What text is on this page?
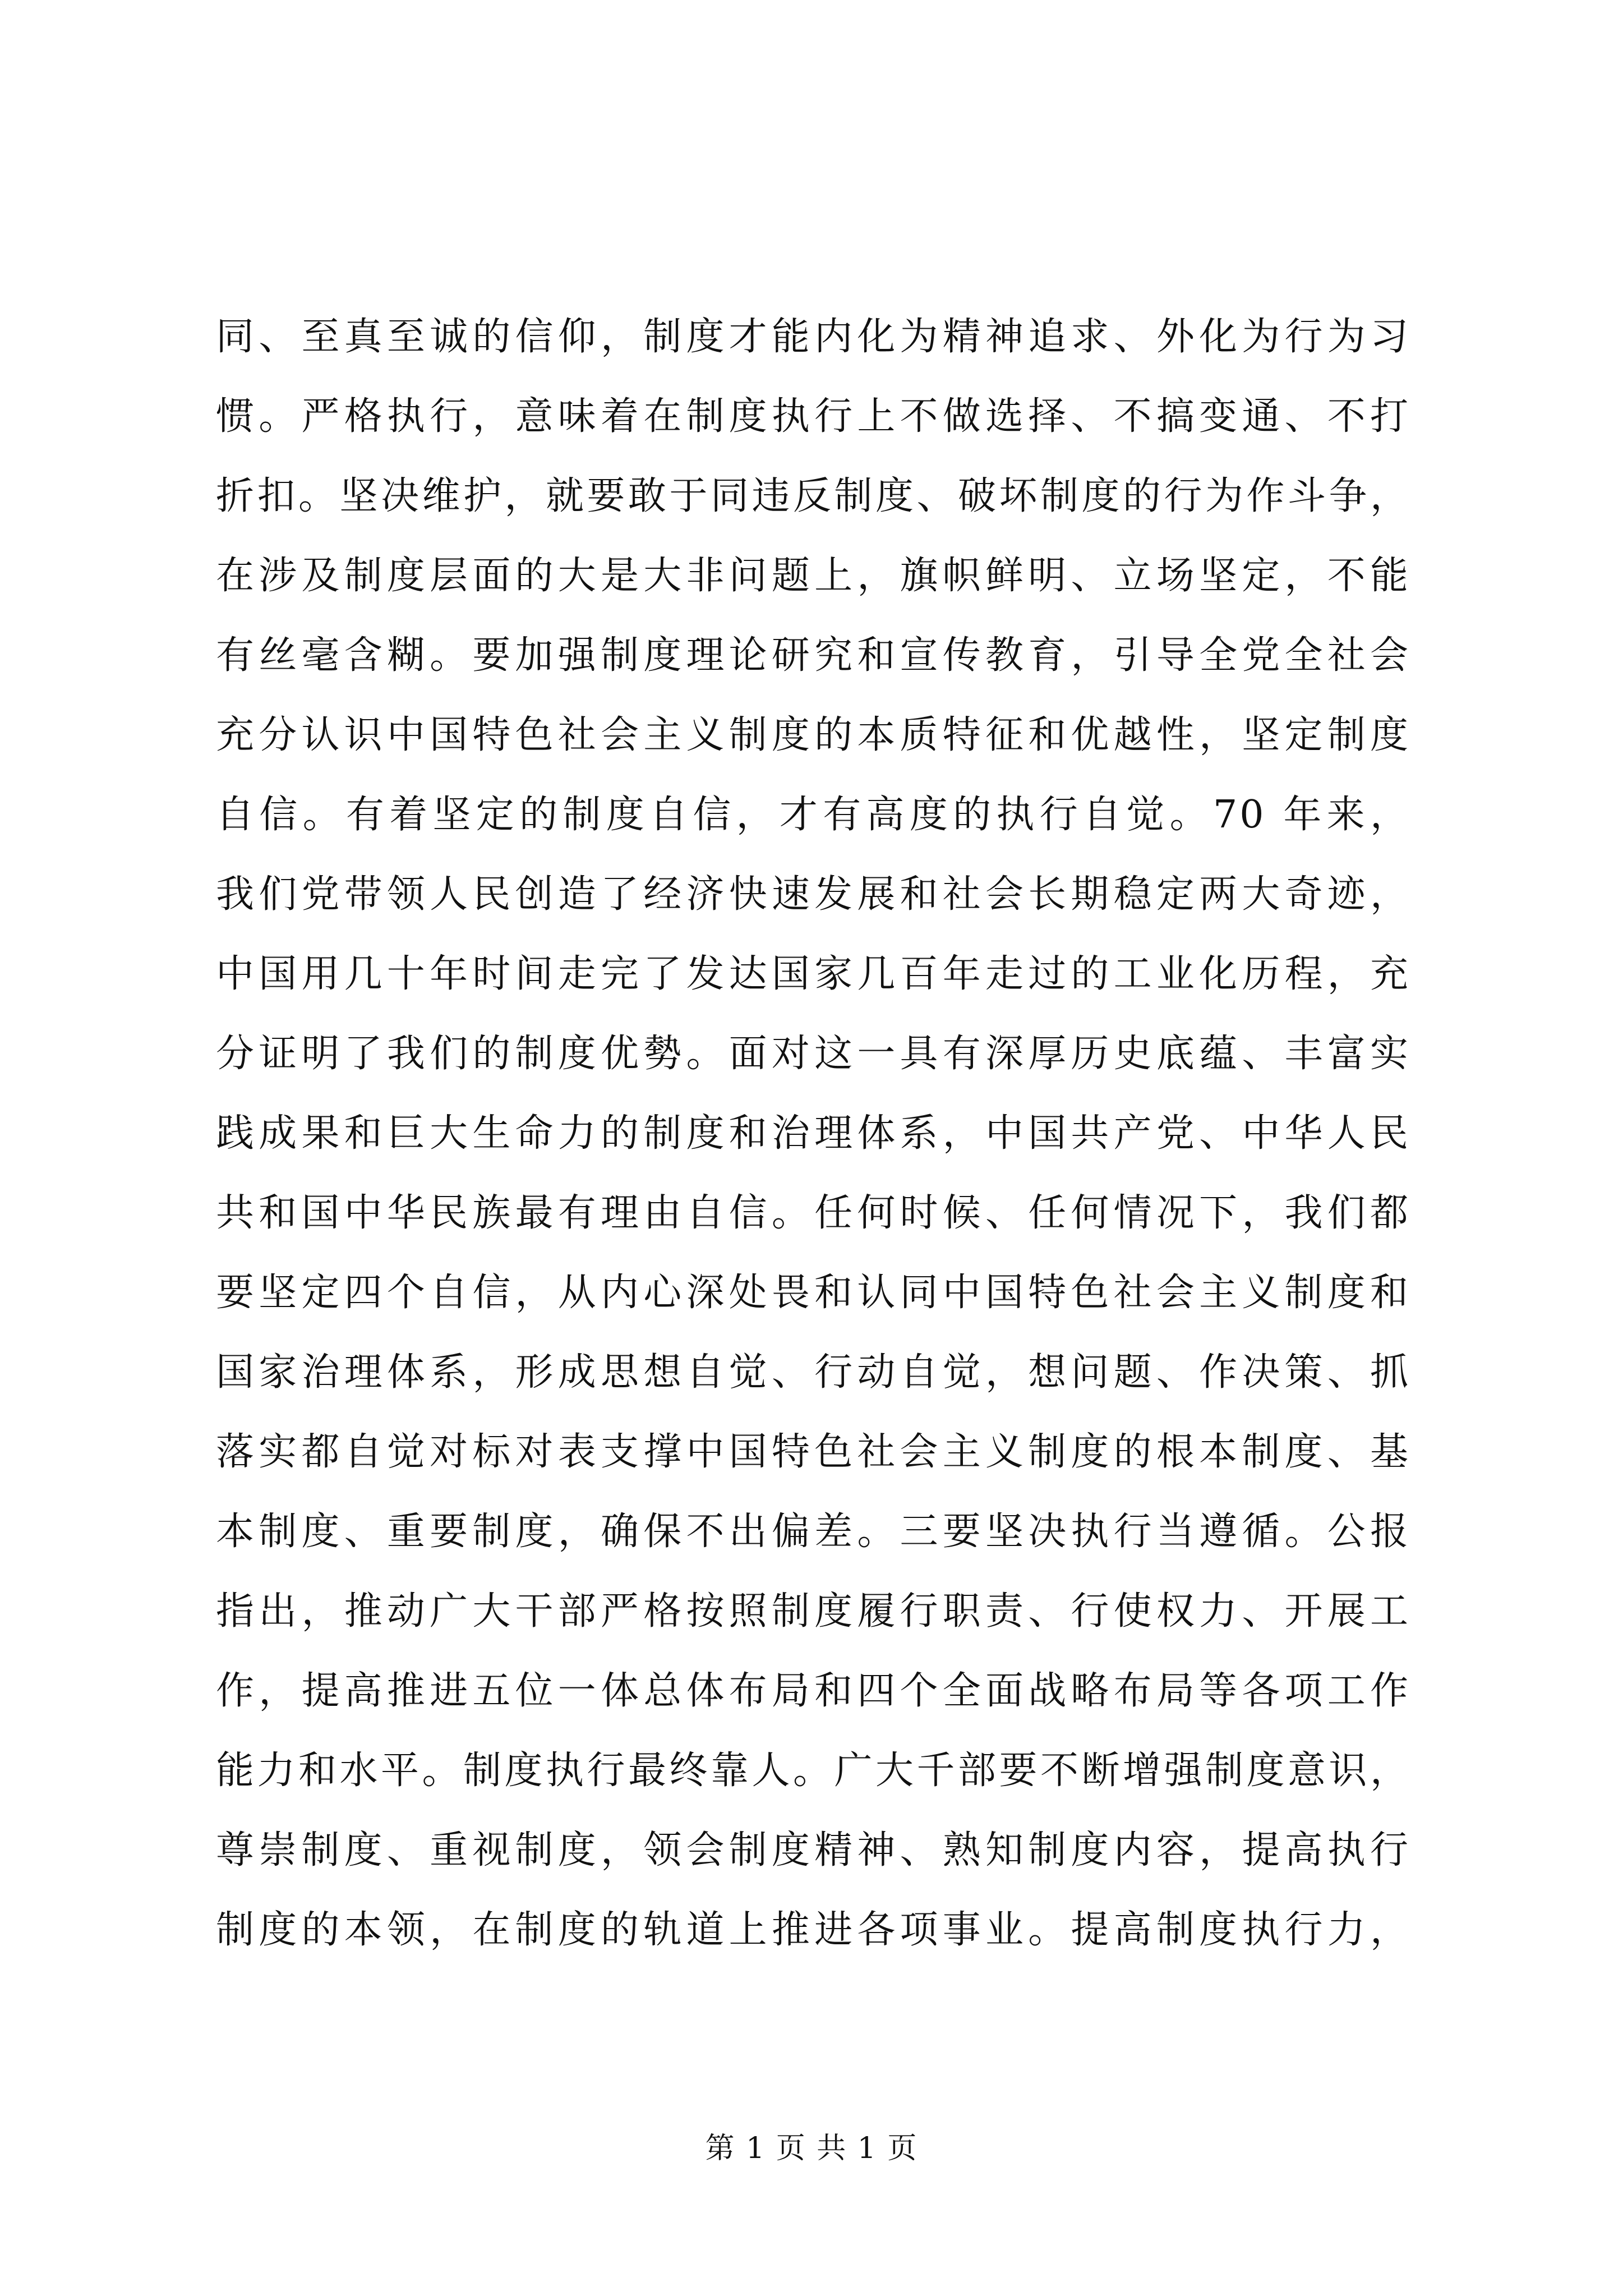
同、至真至诚的信仰，制度才能内化为精神追求、外化为行为习
惯。严格执行，意味着在制度执行上不做选择、不搞变通、不打
折扣。坚决维护，就要敢于同违反制度、破坏制度的行为作斗争，
在涉及制度层面的大是大非问题上，旗帜鲜明、立场坚定，不能
有丝毫含糊。要加强制度理论研究和宣传教育，引导全党全社会
充分认识中国特色社会主义制度的本质特征和优越性，坚定制度
自信。有着坚定的制度自信，才有高度的执行自觉。70 年来，
我们党带领人民创造了经济快速发展和社会长期稳定两大奇迹，
中国用几十年时间走完了发达国家几百年走过的工业化历程，充
分证明了我们的制度优勢。面对这一具有深厚历史底蕴、丰富实
践成果和巨大生命力的制度和治理体系，中国共产党、中华人民
共和国中华民族最有理由自信。任何时候、任何情况下，我们都
要坚定四个自信，从内心深处畏和认同中国特色社会主义制度和
国家治理体系，形成思想自觉、行动自觉，想问题、作决策、抓
落实都自觉对标对表支撑中国特色社会主义制度的根本制度、基
本制度、重要制度，确保不出偏差。三要坚决执行当遵循。公报
指出，推动广大干部严格按照制度履行职责、行使权力、开展工
作，提高推进五位一体总体布局和四个全面战略布局等各项工作
能力和水平。制度执行最终靠人。广大千部要不断增强制度意识，
尊崇制度、重视制度，领会制度精神、熟知制度内容，提高执行
制度的本领，在制度的轨道上推进各项事业。提高制度执行力，
第 1 页 共 1 页
